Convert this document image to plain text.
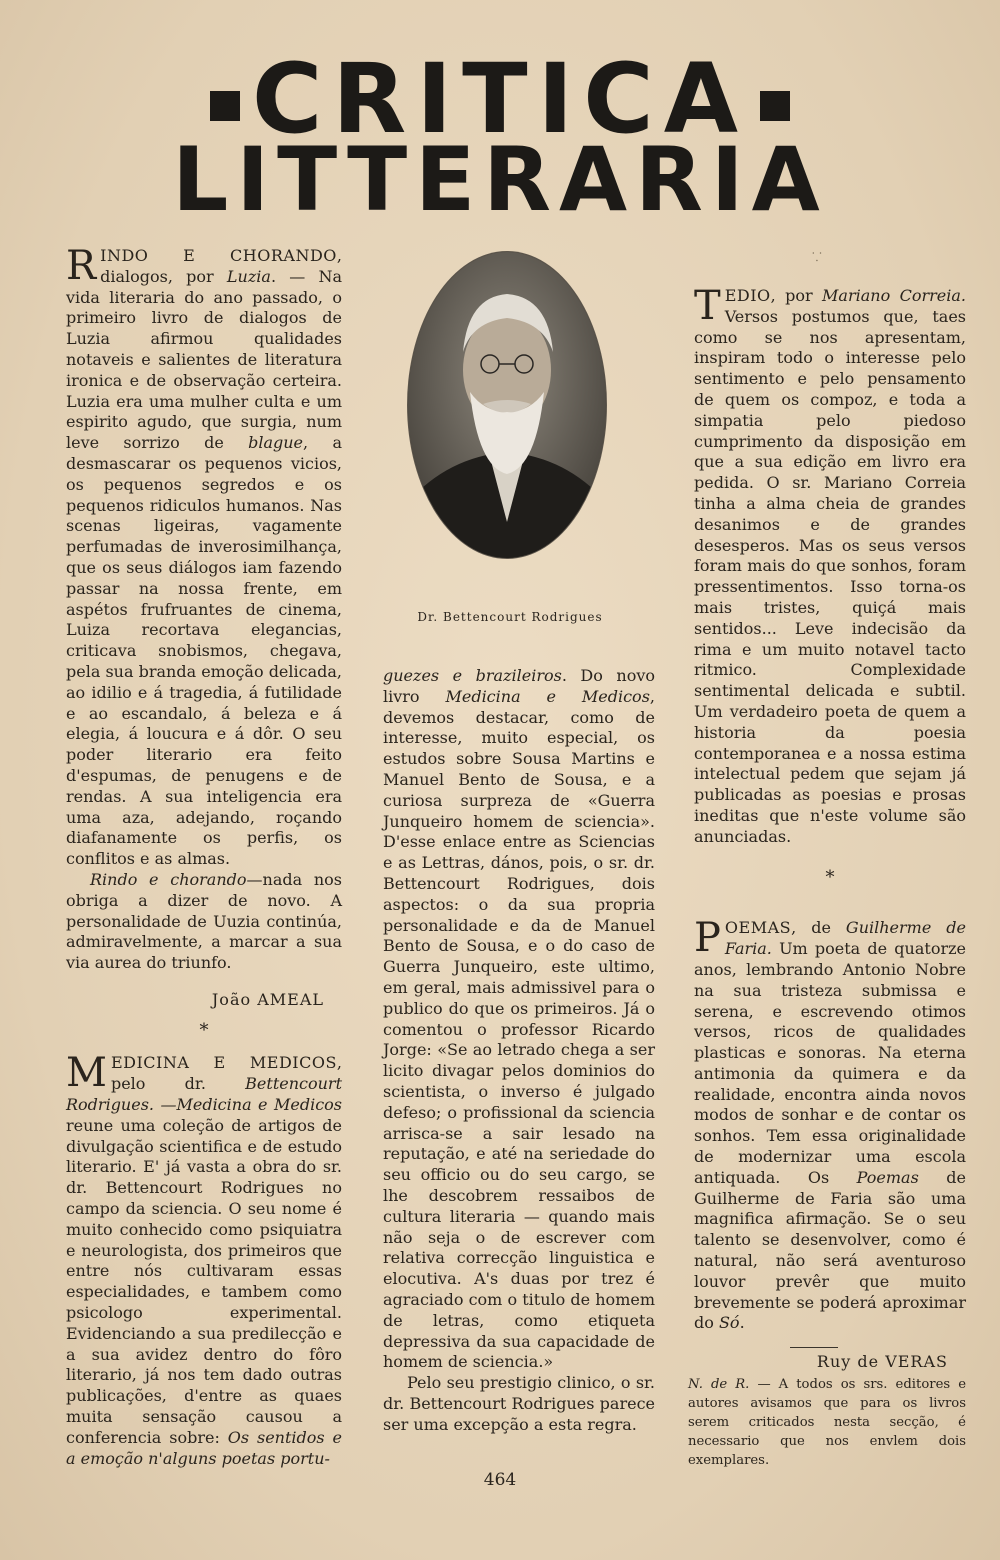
CRITICA
LITTERARIA

RINDO E CHORANDO, dialogos, por Luzia. — Na vida literaria do ano passado, o primeiro livro de dialogos de Luzia afirmou qualidades notaveis e salientes de literatura ironica e de observação certeira. Luzia era uma mulher culta e um espirito agudo, que surgia, num leve sorrizo de blague, a desmascarar os pequenos vicios, os pequenos segredos e os pequenos ridiculos humanos. Nas scenas ligeiras, vagamente perfumadas de inverosimilhança, que os seus diálogos iam fazendo passar na nossa frente, em aspétos frufruantes de cinema, Luiza recortava elegancias, criticava snobismos, chegava, pela sua branda emoção delicada, ao idilio e á tragedia, á futilidade e ao escandalo, á beleza e á elegia, á loucura e á dôr. O seu poder literario era feito d'espumas, de penugens e de rendas. A sua inteligencia era uma aza, adejando, roçando diafanamente os perfis, os conflitos e as almas.

Rindo e chorando—nada nos obriga a dizer de novo. A personalidade de Uuzia continúa, admiravelmente, a marcar a sua via aurea do triunfo.

João AMEAL

*

MEDICINA E MEDICOS, pelo dr. Bettencourt Rodrigues. —Medicina e Medicos reune uma coleção de artigos de divulgação scientifica e de estudo literario. E' já vasta a obra do sr. dr. Bettencourt Rodrigues no campo da sciencia. O seu nome é muito conhecido como psiquiatra e neurologista, dos primeiros que entre nós cultivaram essas especialidades, e tambem como psicologo experimental. Evidenciando a sua predilecção e a sua avidez dentro do fôro literario, já nos tem dado outras publicações, d'entre as quaes muita sensação causou a conferencia sobre: Os sentidos e a emoção n'alguns poetas portu-

Dr. Bettencourt Rodrigues

guezes e brazileiros. Do novo livro Medicina e Medicos, devemos destacar, como de interesse, muito especial, os estudos sobre Sousa Martins e Manuel Bento de Sousa, e a curiosa surpreza de «Guerra Junqueiro homem de sciencia». D'esse enlace entre as Sciencias e as Lettras, dános, pois, o sr. dr. Bettencourt Rodrigues, dois aspectos: o da sua propria personalidade e da de Manuel Bento de Sousa, e o do caso de Guerra Junqueiro, este ultimo, em geral, mais admissivel para o publico do que os primeiros. Já o comentou o professor Ricardo Jorge: «Se ao letrado chega a ser licito divagar pelos dominios do scientista, o inverso é julgado defeso; o profissional da sciencia arrisca-se a sair lesado na reputação, e até na seriedade do seu officio ou do seu cargo, se lhe descobrem ressaibos de cultura literaria — quando mais não seja o de escrever com relativa correcção linguistica e elocutiva. A's duas por trez é agraciado com o titulo de homem de letras, como etiqueta depressiva da sua capacidade de homem de sciencia.»

Pelo seu prestigio clinico, o sr. dr. Bettencourt Rodrigues parece ser uma excepção a esta regra.

⸪

TEDIO, por Mariano Correia. Versos postumos que, taes como se nos apresentam, inspiram todo o interesse pelo sentimento e pelo pensamento de quem os compoz, e toda a simpatia pelo piedoso cumprimento da disposição em que a sua edição em livro era pedida. O sr. Mariano Correia tinha a alma cheia de grandes desanimos e de grandes desesperos. Mas os seus versos foram mais do que sonhos, foram pressentimentos. Isso torna-os mais tristes, quiçá mais sentidos... Leve indecisão da rima e um muito notavel tacto ritmico. Complexidade sentimental delicada e subtil. Um verdadeiro poeta de quem a historia da poesia contemporanea e a nossa estima intelectual pedem que sejam já publicadas as poesias e prosas ineditas que n'este volume são anunciadas.

*

POEMAS, de Guilherme de Faria. Um poeta de quatorze anos, lembrando Antonio Nobre na sua tristeza submissa e serena, e escrevendo otimos versos, ricos de qualidades plasticas e sonoras. Na eterna antimonia da quimera e da realidade, encontra ainda novos modos de sonhar e de contar os sonhos. Tem essa originalidade de modernizar uma escola antiquada. Os Poemas de Guilherme de Faria são uma magnifica afirmação. Se o seu talento se desenvolver, como é natural, não será aventuroso louvor prevêr que muito brevemente se poderá aproximar do Só.

Ruy de VERAS

N. de R. — A todos os srs. editores e autores avisamos que para os livros serem criticados nesta secção, é necessario que nos envlem dois exemplares.
464
